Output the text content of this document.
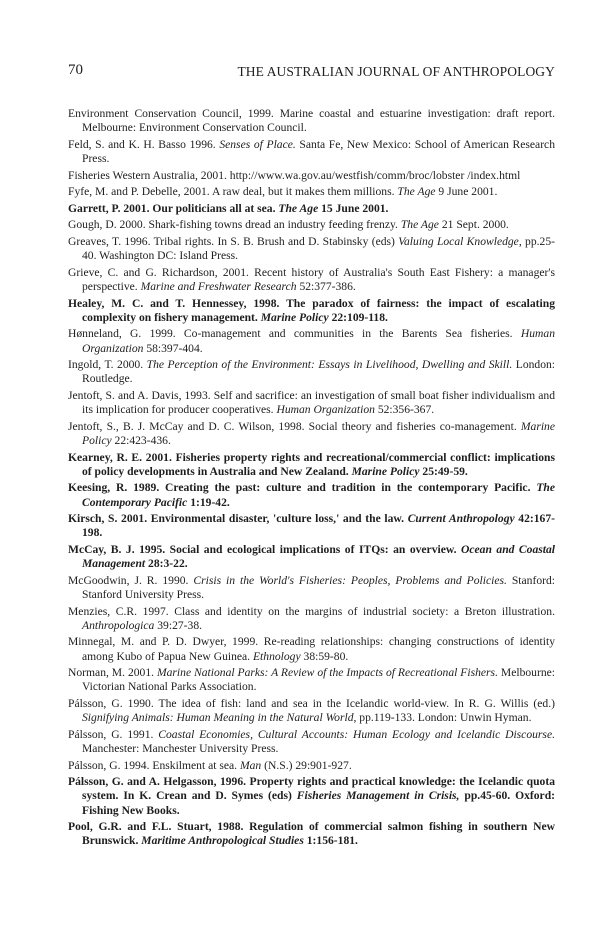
70	THE AUSTRALIAN JOURNAL OF ANTHROPOLOGY
Environment Conservation Council, 1999. Marine coastal and estuarine investigation: draft report. Melbourne: Environment Conservation Council.
Feld, S. and K. H. Basso 1996. Senses of Place. Santa Fe, New Mexico: School of American Research Press.
Fisheries Western Australia, 2001. http://www.wa.gov.au/westfish/comm/broc/lobster /index.html
Fyfe, M. and P. Debelle, 2001. A raw deal, but it makes them millions. The Age 9 June 2001.
Garrett, P. 2001. Our politicians all at sea. The Age 15 June 2001.
Gough, D. 2000. Shark-fishing towns dread an industry feeding frenzy. The Age 21 Sept. 2000.
Greaves, T. 1996. Tribal rights. In S. B. Brush and D. Stabinsky (eds) Valuing Local Knowledge, pp.25-40. Washington DC: Island Press.
Grieve, C. and G. Richardson, 2001. Recent history of Australia's South East Fishery: a manager's perspective. Marine and Freshwater Research 52:377-386.
Healey, M. C. and T. Hennessey, 1998. The paradox of fairness: the impact of escalating complexity on fishery management. Marine Policy 22:109-118.
Hønneland, G. 1999. Co-management and communities in the Barents Sea fisheries. Human Organization 58:397-404.
Ingold, T. 2000. The Perception of the Environment: Essays in Livelihood, Dwelling and Skill. London: Routledge.
Jentoft, S. and A. Davis, 1993. Self and sacrifice: an investigation of small boat fisher individualism and its implication for producer cooperatives. Human Organization 52:356-367.
Jentoft, S., B. J. McCay and D. C. Wilson, 1998. Social theory and fisheries co-management. Marine Policy 22:423-436.
Kearney, R. E. 2001. Fisheries property rights and recreational/commercial conflict: implications of policy developments in Australia and New Zealand. Marine Policy 25:49-59.
Keesing, R. 1989. Creating the past: culture and tradition in the contemporary Pacific. The Contemporary Pacific 1:19-42.
Kirsch, S. 2001. Environmental disaster, 'culture loss,' and the law. Current Anthropology 42:167-198.
McCay, B. J. 1995. Social and ecological implications of ITQs: an overview. Ocean and Coastal Management 28:3-22.
McGoodwin, J. R. 1990. Crisis in the World's Fisheries: Peoples, Problems and Policies. Stanford: Stanford University Press.
Menzies, C.R. 1997. Class and identity on the margins of industrial society: a Breton illustration. Anthropologica 39:27-38.
Minnegal, M. and P. D. Dwyer, 1999. Re-reading relationships: changing constructions of identity among Kubo of Papua New Guinea. Ethnology 38:59-80.
Norman, M. 2001. Marine National Parks: A Review of the Impacts of Recreational Fishers. Melbourne: Victorian National Parks Association.
Pálsson, G. 1990. The idea of fish: land and sea in the Icelandic world-view. In R. G. Willis (ed.) Signifying Animals: Human Meaning in the Natural World, pp.119-133. London: Unwin Hyman.
Pálsson, G. 1991. Coastal Economies, Cultural Accounts: Human Ecology and Icelandic Discourse. Manchester: Manchester University Press.
Pálsson, G. 1994. Enskilment at sea. Man (N.S.) 29:901-927.
Pálsson, G. and A. Helgasson, 1996. Property rights and practical knowledge: the Icelandic quota system. In K. Crean and D. Symes (eds) Fisheries Management in Crisis, pp.45-60. Oxford: Fishing New Books.
Pool, G.R. and F.L. Stuart, 1988. Regulation of commercial salmon fishing in southern New Brunswick. Maritime Anthropological Studies 1:156-181.
